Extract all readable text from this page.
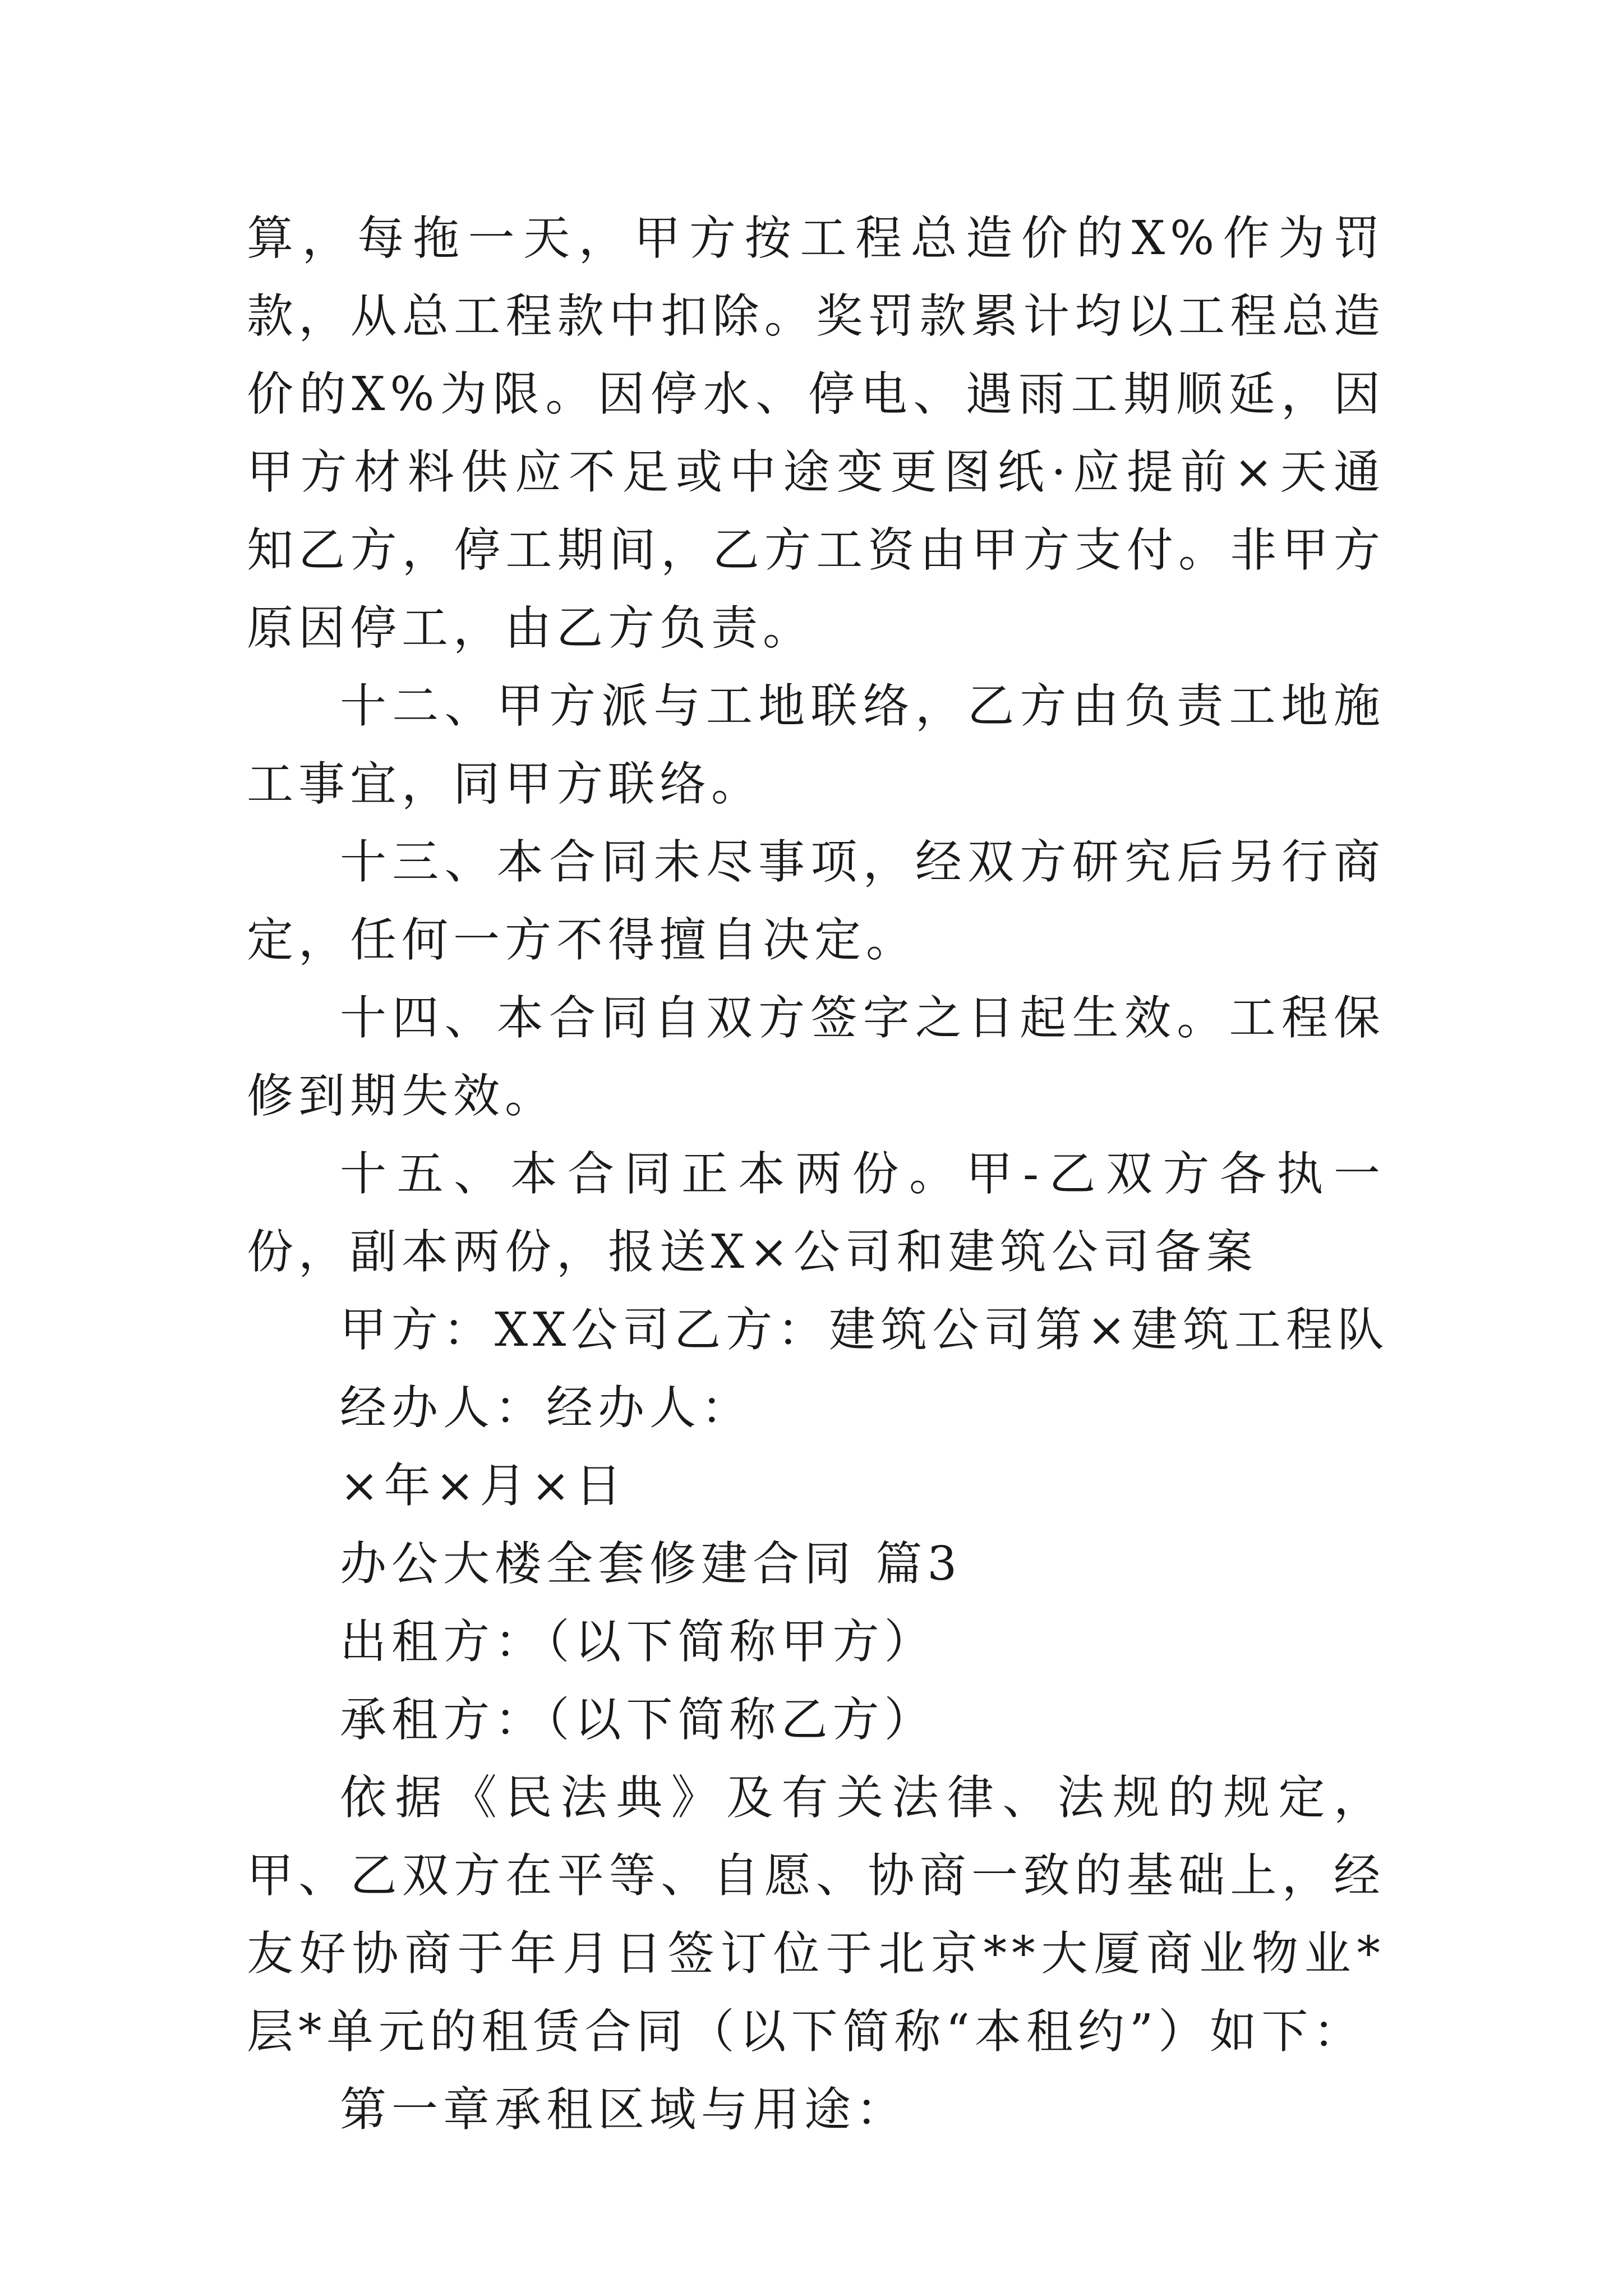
算，每拖一天，甲方按工程总造价的X%作为罚款，从总工程款中扣除。奖罚款累计均以工程总造价的X%为限。因停水、停电、遇雨工期顺延，因甲方材料供应不足或中途变更图纸·应提前×天通知乙方，停工期间，乙方工资由甲方支付。非甲方原因停工，由乙方负责。

十二、甲方派与工地联络，乙方由负责工地施工事宜，同甲方联络。

十三、本合同未尽事项，经双方研究后另行商定，任何一方不得擅自决定。

十四、本合同自双方签字之日起生效。工程保修到期失效。

十五、本合同正本两份。甲-乙双方各执一份，副本两份，报送X×公司和建筑公司备案

甲方：XX公司乙方：建筑公司第×建筑工程队

经办人：经办人：

×年×月×日

办公大楼全套修建合同 篇3

出租方：（以下简称甲方）

承租方：（以下简称乙方）

依据《民法典》及有关法律、法规的规定，甲、乙双方在平等、自愿、协商一致的基础上，经友好协商于年月日签订位于北京**大厦商业物业*层*单元的租赁合同（以下简称“本租约”）如下：

第一章承租区域与用途：
